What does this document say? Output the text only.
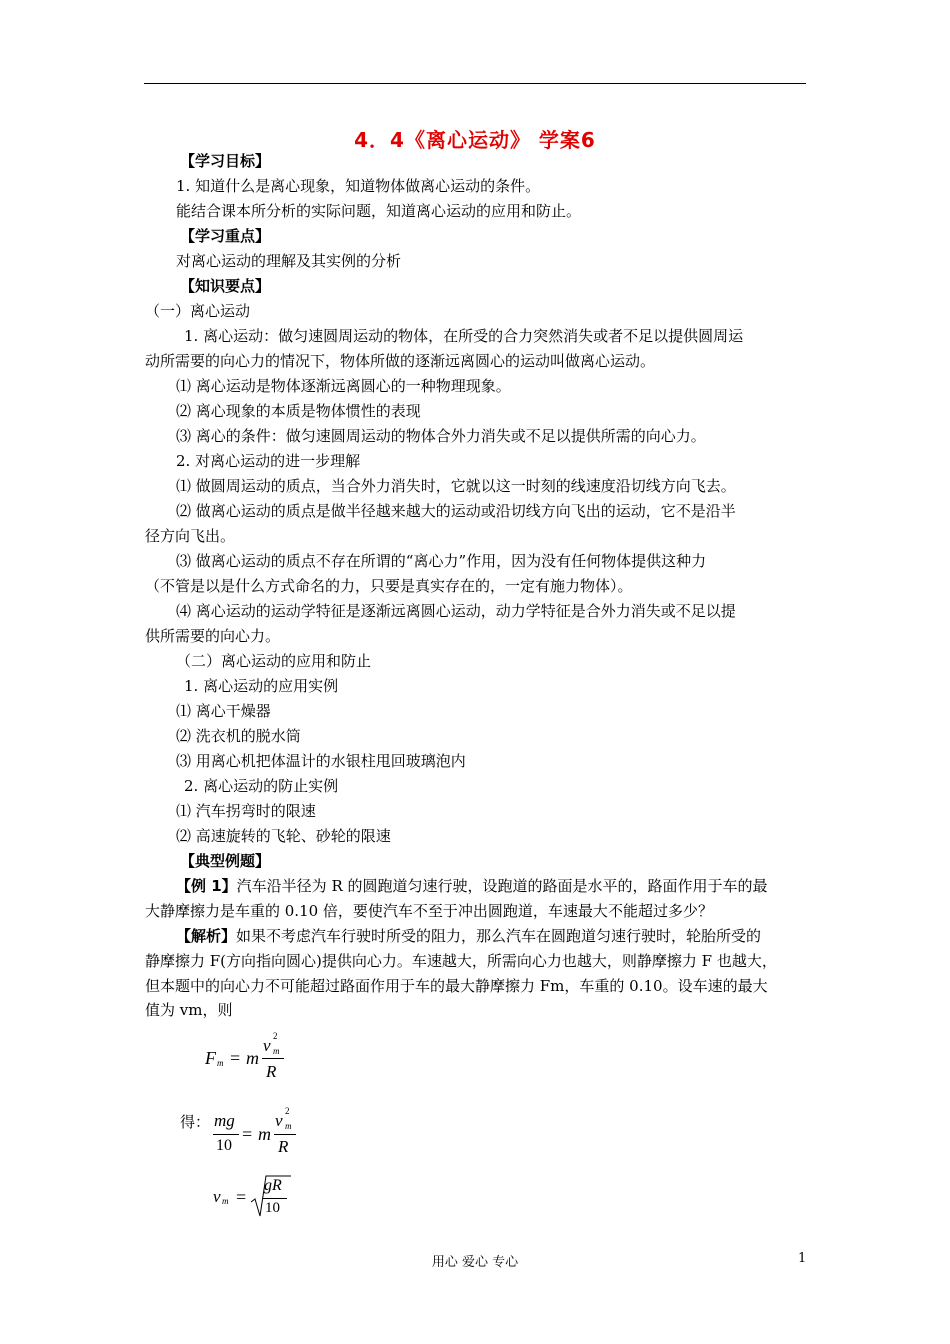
4．4《离心运动》 学案6
【学习目标】
1. 知道什么是离心现象，知道物体做离心运动的条件。
能结合课本所分析的实际问题，知道离心运动的应用和防止。
【学习重点】
对离心运动的理解及其实例的分析
【知识要点】
（一）离心运动
1. 离心运动：做匀速圆周运动的物体，在所受的合力突然消失或者不足以提供圆周运
动所需要的向心力的情况下，物体所做的逐渐远离圆心的运动叫做离心运动。
⑴ 离心运动是物体逐渐远离圆心的一种物理现象。
⑵ 离心现象的本质是物体惯性的表现
⑶ 离心的条件：做匀速圆周运动的物体合外力消失或不足以提供所需的向心力。
2. 对离心运动的进一步理解
⑴ 做圆周运动的质点，当合外力消失时，它就以这一时刻的线速度沿切线方向飞去。
⑵ 做离心运动的质点是做半径越来越大的运动或沿切线方向飞出的运动，它不是沿半
径方向飞出。
⑶ 做离心运动的质点不存在所谓的“离心力”作用，因为没有任何物体提供这种力
（不管是以是什么方式命名的力，只要是真实存在的，一定有施力物体）。
⑷ 离心运动的运动学特征是逐渐远离圆心运动，动力学特征是合外力消失或不足以提
供所需要的向心力。
（二）离心运动的应用和防止
1. 离心运动的应用实例
⑴ 离心干燥器
⑵ 洗衣机的脱水筒
⑶ 用离心机把体温计的水银柱甩回玻璃泡内
2. 离心运动的防止实例
⑴ 汽车拐弯时的限速
⑵ 高速旋转的飞轮、砂轮的限速
【典型例题】
【例 1】汽车沿半径为 R 的圆跑道匀速行驶，设跑道的路面是水平的，路面作用于车的最
大静摩擦力是车重的 0.10 倍，要使汽车不至于冲出圆跑道，车速最大不能超过多少？
【解析】如果不考虑汽车行驶时所受的阻力，那么汽车在圆跑道匀速行驶时，轮胎所受的
静摩擦力 F(方向指向圆心)提供向心力。车速越大，所需向心力也越大，则静摩擦力 F 也越大，
但本题中的向心力不可能超过路面作用于车的最大静摩擦力 Fm，车重的 0.10。设车速的最大
值为 vm，则
F m = m
v 2
m
R
得： mg
10
= m
v 2
m
R
v m =
gR
10
用心 爱心 专心	1
